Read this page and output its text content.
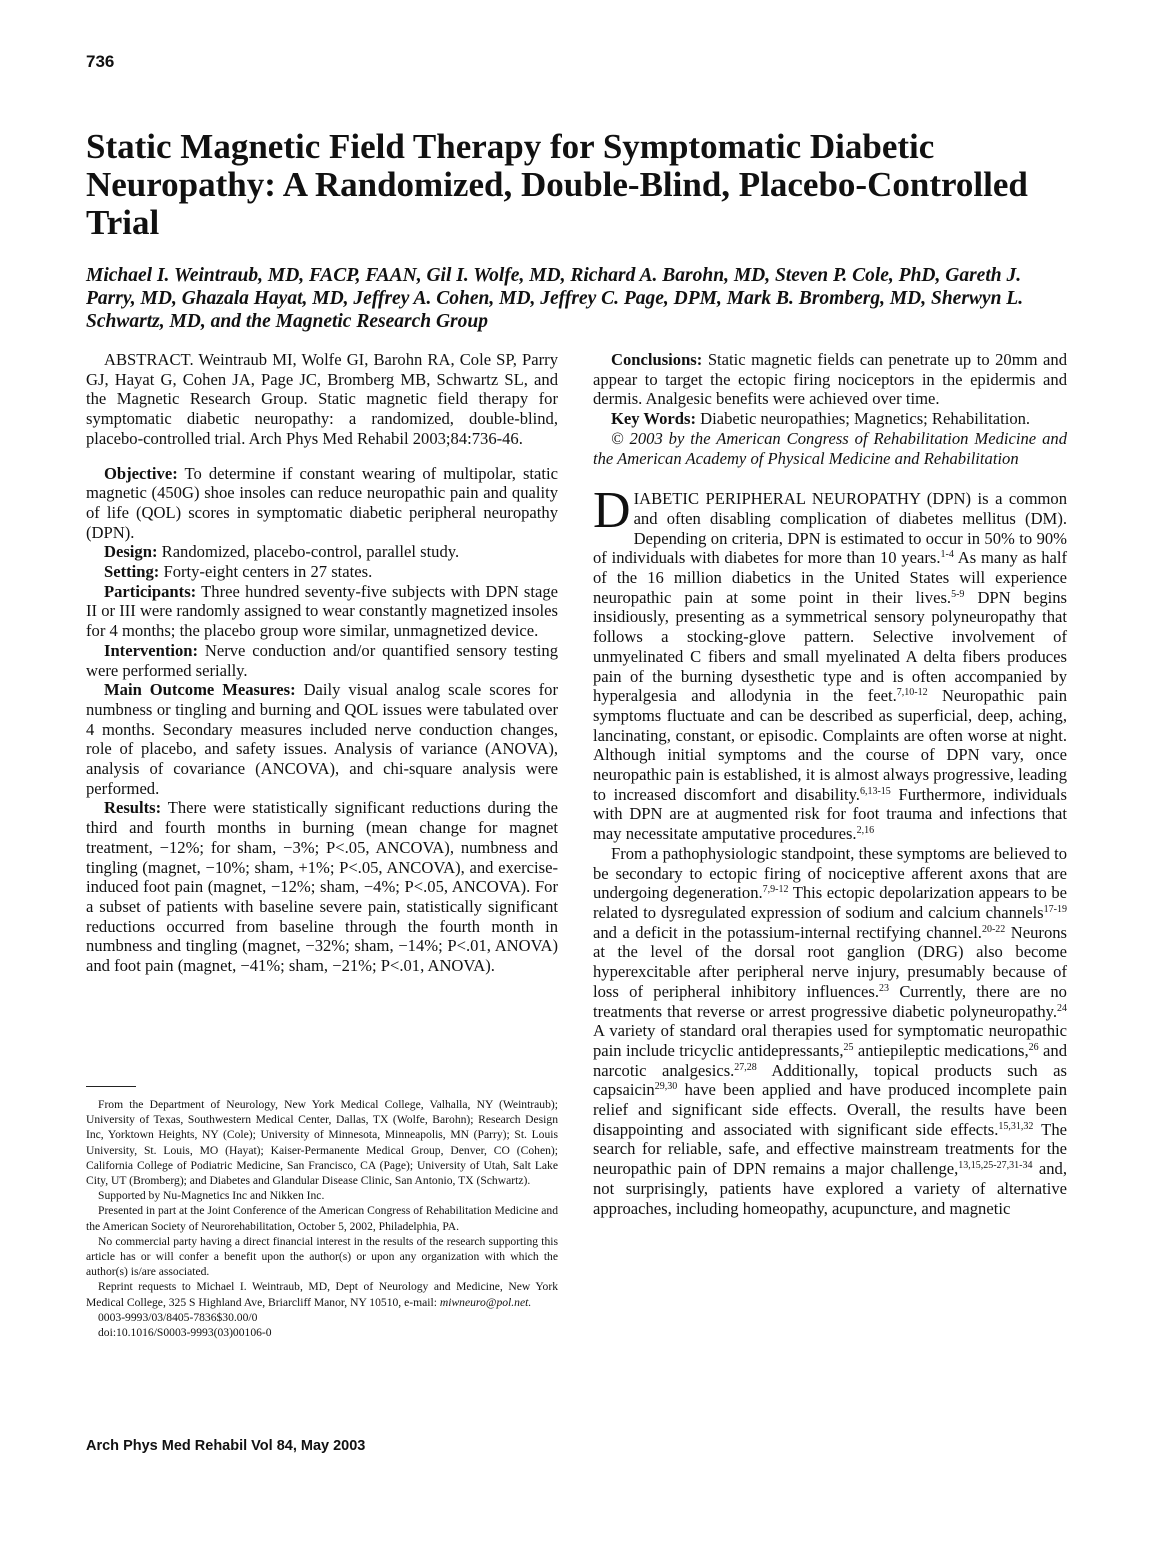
736
Static Magnetic Field Therapy for Symptomatic Diabetic Neuropathy: A Randomized, Double-Blind, Placebo-Controlled Trial

Michael I. Weintraub, MD, FACP, FAAN, Gil I. Wolfe, MD, Richard A. Barohn, MD, Steven P. Cole, PhD, Gareth J. Parry, MD, Ghazala Hayat, MD, Jeffrey A. Cohen, MD, Jeffrey C. Page, DPM, Mark B. Bromberg, MD, Sherwyn L. Schwartz, MD, and the Magnetic Research Group

ABSTRACT. Weintraub MI, Wolfe GI, Barohn RA, Cole SP, Parry GJ, Hayat G, Cohen JA, Page JC, Bromberg MB, Schwartz SL, and the Magnetic Research Group. Static magnetic field therapy for symptomatic diabetic neuropathy: a randomized, double-blind, placebo-controlled trial. Arch Phys Med Rehabil 2003;84:736-46.

Objective: To determine if constant wearing of multipolar, static magnetic (450G) shoe insoles can reduce neuropathic pain and quality of life (QOL) scores in symptomatic diabetic peripheral neuropathy (DPN).

Design: Randomized, placebo-control, parallel study.

Setting: Forty-eight centers in 27 states.

Participants: Three hundred seventy-five subjects with DPN stage II or III were randomly assigned to wear constantly magnetized insoles for 4 months; the placebo group wore similar, unmagnetized device.

Intervention: Nerve conduction and/or quantified sensory testing were performed serially.

Main Outcome Measures: Daily visual analog scale scores for numbness or tingling and burning and QOL issues were tabulated over 4 months. Secondary measures included nerve conduction changes, role of placebo, and safety issues. Analysis of variance (ANOVA), analysis of covariance (ANCOVA), and chi-square analysis were performed.

Results: There were statistically significant reductions during the third and fourth months in burning (mean change for magnet treatment, −12%; for sham, −3%; P<.05, ANCOVA), numbness and tingling (magnet, −10%; sham, +1%; P<.05, ANCOVA), and exercise-induced foot pain (magnet, −12%; sham, −4%; P<.05, ANCOVA). For a subset of patients with baseline severe pain, statistically significant reductions occurred from baseline through the fourth month in numbness and tingling (magnet, −32%; sham, −14%; P<.01, ANOVA) and foot pain (magnet, −41%; sham, −21%; P<.01, ANOVA).

Conclusions: Static magnetic fields can penetrate up to 20mm and appear to target the ectopic firing nociceptors in the epidermis and dermis. Analgesic benefits were achieved over time.

Key Words: Diabetic neuropathies; Magnetics; Rehabilitation.

© 2003 by the American Congress of Rehabilitation Medicine and the American Academy of Physical Medicine and Rehabilitation

DIABETIC PERIPHERAL NEUROPATHY (DPN) is a common and often disabling complication of diabetes mellitus (DM). Depending on criteria, DPN is estimated to occur in 50% to 90% of individuals with diabetes for more than 10 years.$^{1-4}$ As many as half of the 16 million diabetics in the United States will experience neuropathic pain at some point in their lives.$^{5-9}$ DPN begins insidiously, presenting as a symmetrical sensory polyneuropathy that follows a stocking-glove pattern. Selective involvement of unmyelinated C fibers and small myelinated A delta fibers produces pain of the burning dysesthetic type and is often accompanied by hyperalgesia and allodynia in the feet.$^{7,10-12}$ Neuropathic pain symptoms fluctuate and can be described as superficial, deep, aching, lancinating, constant, or episodic. Complaints are often worse at night. Although initial symptoms and the course of DPN vary, once neuropathic pain is established, it is almost always progressive, leading to increased discomfort and disability.$^{6,13-15}$ Furthermore, individuals with DPN are at augmented risk for foot trauma and infections that may necessitate amputative procedures.$^{2,16}$

From a pathophysiologic standpoint, these symptoms are believed to be secondary to ectopic firing of nociceptive afferent axons that are undergoing degeneration.$^{7,9-12}$ This ectopic depolarization appears to be related to dysregulated expression of sodium and calcium channels$^{17-19}$ and a deficit in the potassium-internal rectifying channel.$^{20-22}$ Neurons at the level of the dorsal root ganglion (DRG) also become hyperexcitable after peripheral nerve injury, presumably because of loss of peripheral inhibitory influences.$^{23}$ Currently, there are no treatments that reverse or arrest progressive diabetic polyneuropathy.$^{24}$ A variety of standard oral therapies used for symptomatic neuropathic pain include tricyclic antidepressants,$^{25}$ antiepileptic medications,$^{26}$ and narcotic analgesics.$^{27,28}$ Additionally, topical products such as capsaicin$^{29,30}$ have been applied and have produced incomplete pain relief and significant side effects. Overall, the results have been disappointing and associated with significant side effects.$^{15,31,32}$ The search for reliable, safe, and effective mainstream treatments for the neuropathic pain of DPN remains a major challenge,$^{13,15,25-27,31-34}$ and, not surprisingly, patients have explored a variety of alternative approaches, including homeopathy, acupuncture, and magnetic

From the Department of Neurology, New York Medical College, Valhalla, NY (Weintraub); University of Texas, Southwestern Medical Center, Dallas, TX (Wolfe, Barohn); Research Design Inc, Yorktown Heights, NY (Cole); University of Minnesota, Minneapolis, MN (Parry); St. Louis University, St. Louis, MO (Hayat); Kaiser-Permanente Medical Group, Denver, CO (Cohen); California College of Podiatric Medicine, San Francisco, CA (Page); University of Utah, Salt Lake City, UT (Bromberg); and Diabetes and Glandular Disease Clinic, San Antonio, TX (Schwartz).

Supported by Nu-Magnetics Inc and Nikken Inc.

Presented in part at the Joint Conference of the American Congress of Rehabilitation Medicine and the American Society of Neurorehabilitation, October 5, 2002, Philadelphia, PA.

No commercial party having a direct financial interest in the results of the research supporting this article has or will confer a benefit upon the author(s) or upon any organization with which the author(s) is/are associated.

Reprint requests to Michael I. Weintraub, MD, Dept of Neurology and Medicine, New York Medical College, 325 S Highland Ave, Briarcliff Manor, NY 10510, e-mail: miwneuro@pol.net.

0003-9993/03/8405-7836$30.00/0

doi:10.1016/S0003-9993(03)00106-0

Arch Phys Med Rehabil Vol 84, May 2003
